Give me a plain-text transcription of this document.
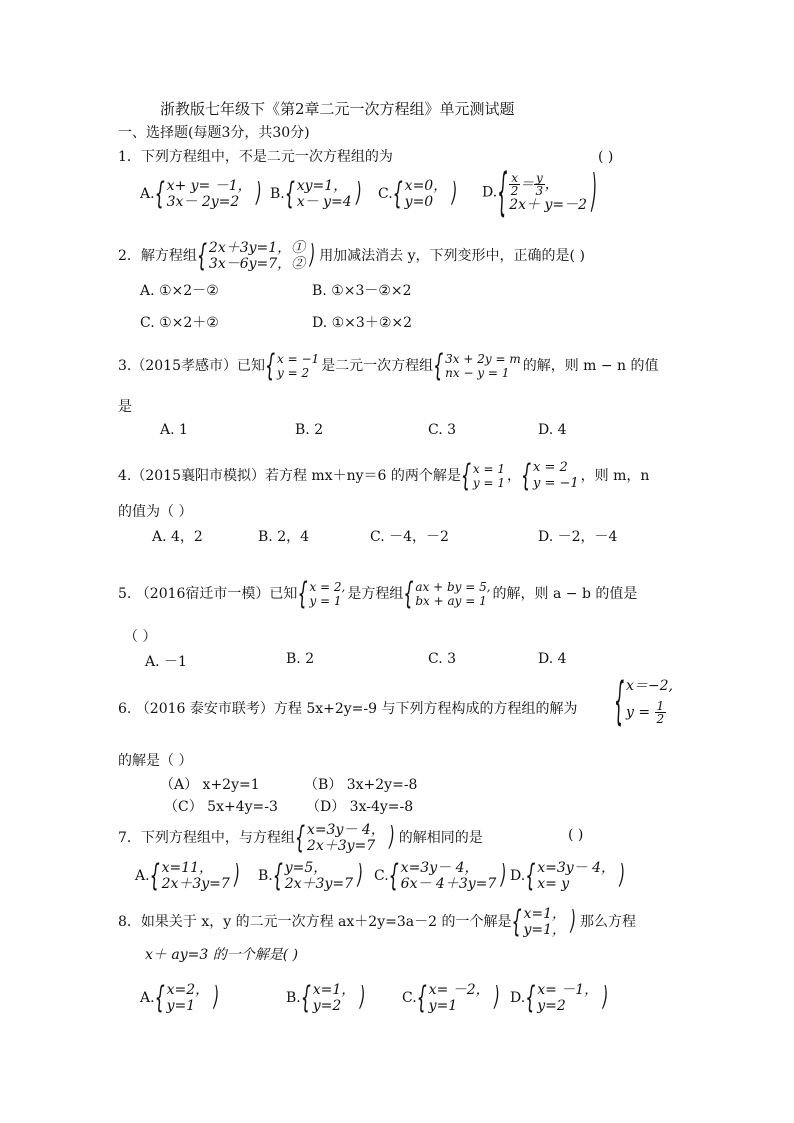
浙教版七年级下《第2章二元一次方程组》单元测试题
一、选择题(每题3分，共30分)
1．下列方程组中，不是二元一次方程组的为	( )
A. { x+ y= －1，
3x－ 2y=2
)	B. { xy=1，
x－ y=4
) C. { x=0，
y=0
)
D. { $\frac{x}{2} = \frac{y}{3}$ ，
2x＋ y=－2
)
2．解方程组 { 2x＋3y=1，①
3x－6y=7，②
) 用加减法消去 y，下列变形中，正确的是( )
A. ①×2－②	B. ①×3－②×2
C. ①×2＋②	D. ①×3＋②×2
3.（2015孝感市）已知 { x = −1
y = 2 是二元一次方程组 { 3x + 2y = m
nx − y = 1 的解，则 m − n 的值
是
A. 1	B. 2	C. 3	D. 4
4.（2015襄阳市模拟）若方程 mx＋ny＝6 的两个解是 { x = 1
y = 1 ，
{ x = 2
y = −1 ，则 m，n
的值为（ ）
A. 4，2	B. 2，4	C. －4，－2	D. －2，－4
5. （2016宿迁市一模）已知 { x = 2,
y = 1 是方程组 { ax + by = 5,
bx + ay = 1 的解，则 a − b 的值是
（ ）
A. －1	B. 2	C. 3	D. 4
6. （2016 泰安市联考）方程 5x+2y=-9 与下列方程构成的方程组的解为
{ x＝−2,
$y = \frac{1}{2}$
的解是（ ）
（A） x+2y=1	（B） 3x+2y=-8
（C） 5x+4y=-3 （D） 3x-4y=-8
7．下列方程组中，与方程组 { x=3y－ 4，
2x＋3y=7
)	的解相同的是	( )
A. { x=11，
2x＋3y=7
) B. { y=5，
2x＋3y=7
) C. { x=3y－ 4，
6x－ 4＋3y=7
) D. { x=3y－ 4，
x= y
)
8．如果关于 x，y 的二元一次方程 ax＋2y=3a－2 的一个解是 { x=1，
y=1，
) 那么方程
x＋ ay=3 的一个解是( )
A. { x=2，
y=1
)	B. { x=1，
y=2
)	C. { x= －2，
y=1
)	D. { x= －1，
y=2
)
